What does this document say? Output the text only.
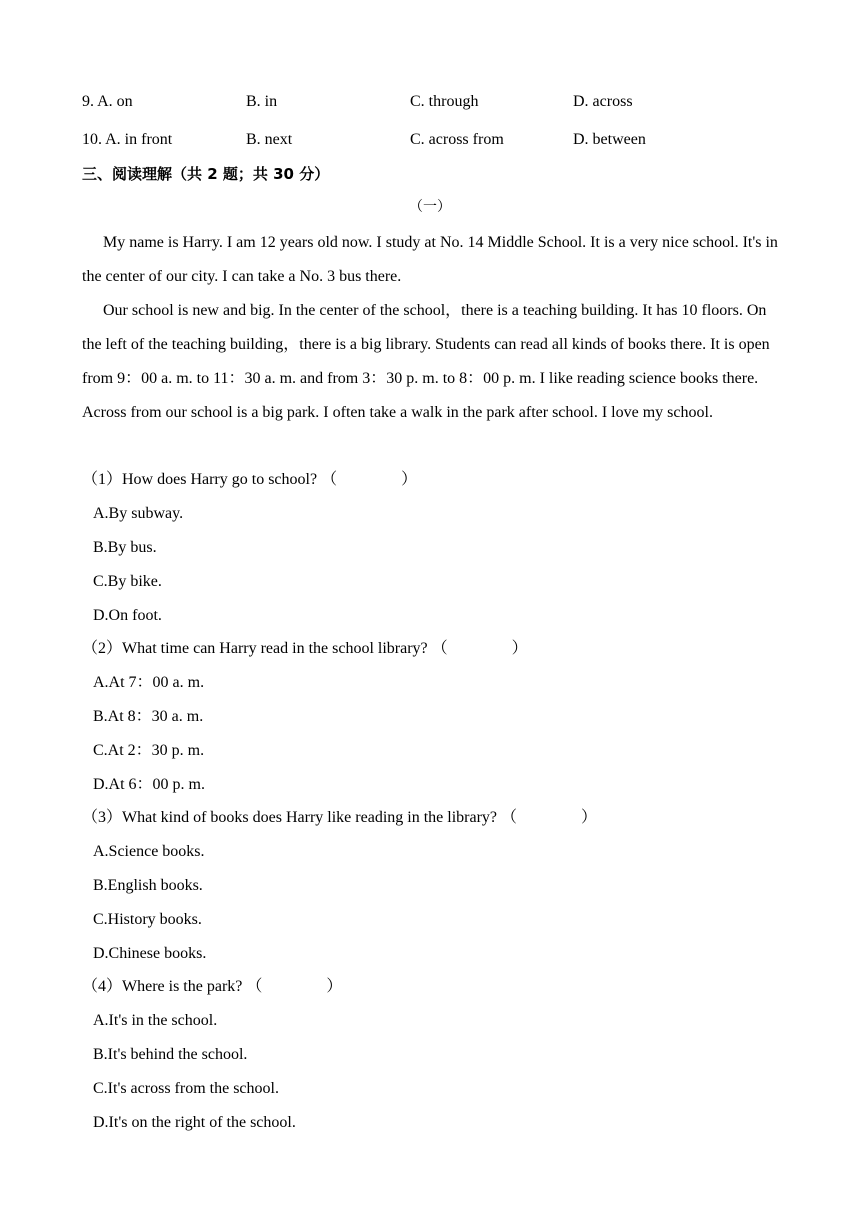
9. A. on	B. in	C. through	D. across
10. A. in front	B. next	C. across from	D. between
三、阅读理解（共 2 题；共 30 分）
（一）

My name is Harry. I am 12 years old now. I study at No. 14 Middle School. It is a very nice school. It's in the center of our city. I can take a No. 3 bus there.

Our school is new and big. In the center of the school，there is a teaching building. It has 10 floors. On the left of the teaching building，there is a big library. Students can read all kinds of books there. It is open from 9：00 a. m. to 11：30 a. m. and from 3：30 p. m. to 8：00 p. m. I like reading science books there. Across from our school is a big park. I often take a walk in the park after school. I love my school.

（1）How does Harry go to school? （　　　　）
A.By subway.
B.By bus.
C.By bike.
D.On foot.
（2）What time can Harry read in the school library? （　　　　）
A.At 7：00 a. m.
B.At 8：30 a. m.
C.At 2：30 p. m.
D.At 6：00 p. m.
（3）What kind of books does Harry like reading in the library? （　　　　）
A.Science books.
B.English books.
C.History books.
D.Chinese books.
（4）Where is the park? （　　　　）
A.It's in the school.
B.It's behind the school.
C.It's across from the school.
D.It's on the right of the school.
